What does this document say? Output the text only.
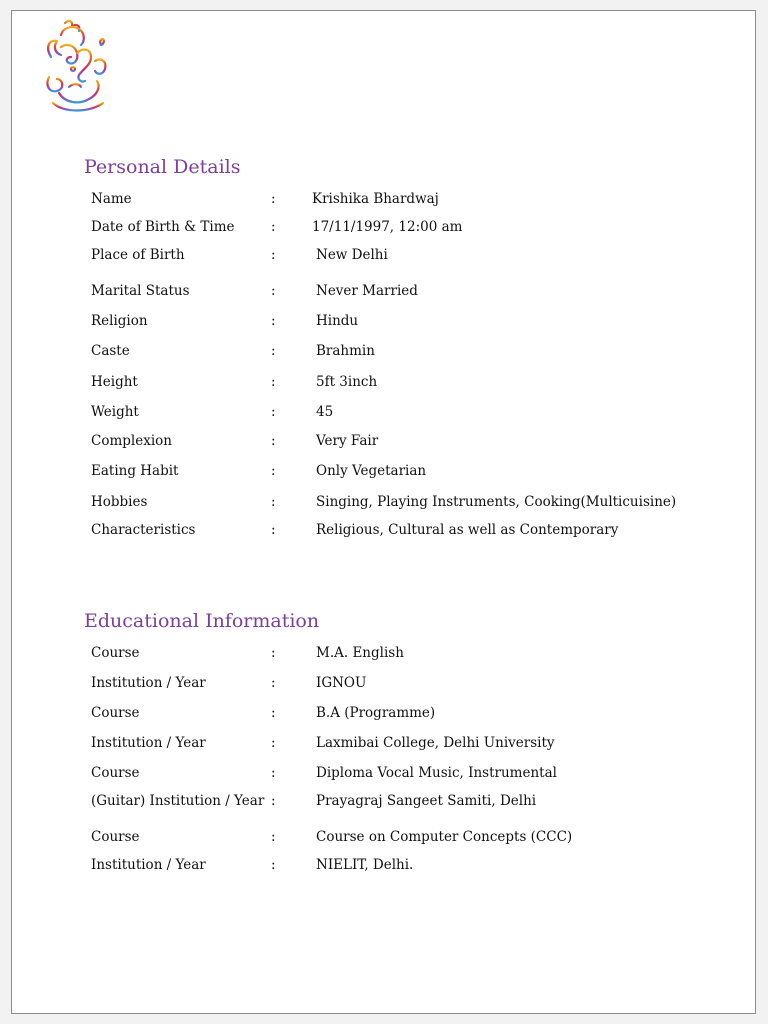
Personal Details
Name	:	Krishika Bhardwaj
Date of Birth & Time	:	17/11/1997, 12:00 am
Place of Birth	:	New Delhi
Marital Status	:	Never Married
Religion	:	Hindu
Caste	:	Brahmin
Height	:	5ft 3inch
Weight	:	45
Complexion	:	Very Fair
Eating Habit	:	Only Vegetarian
Hobbies	:	Singing, Playing Instruments, Cooking(Multicuisine)
Characteristics	:	Religious, Cultural as well as Contemporary
Educational Information
Course	:	M.A. English
Institution / Year	:	IGNOU
Course	:	B.A (Programme)
Institution / Year	:	Laxmibai College, Delhi University
Course	:	Diploma Vocal Music, Instrumental
(Guitar) Institution / Year :	Prayagraj Sangeet Samiti, Delhi
Course	:	Course on Computer Concepts (CCC)
Institution / Year	:	NIELIT, Delhi.
